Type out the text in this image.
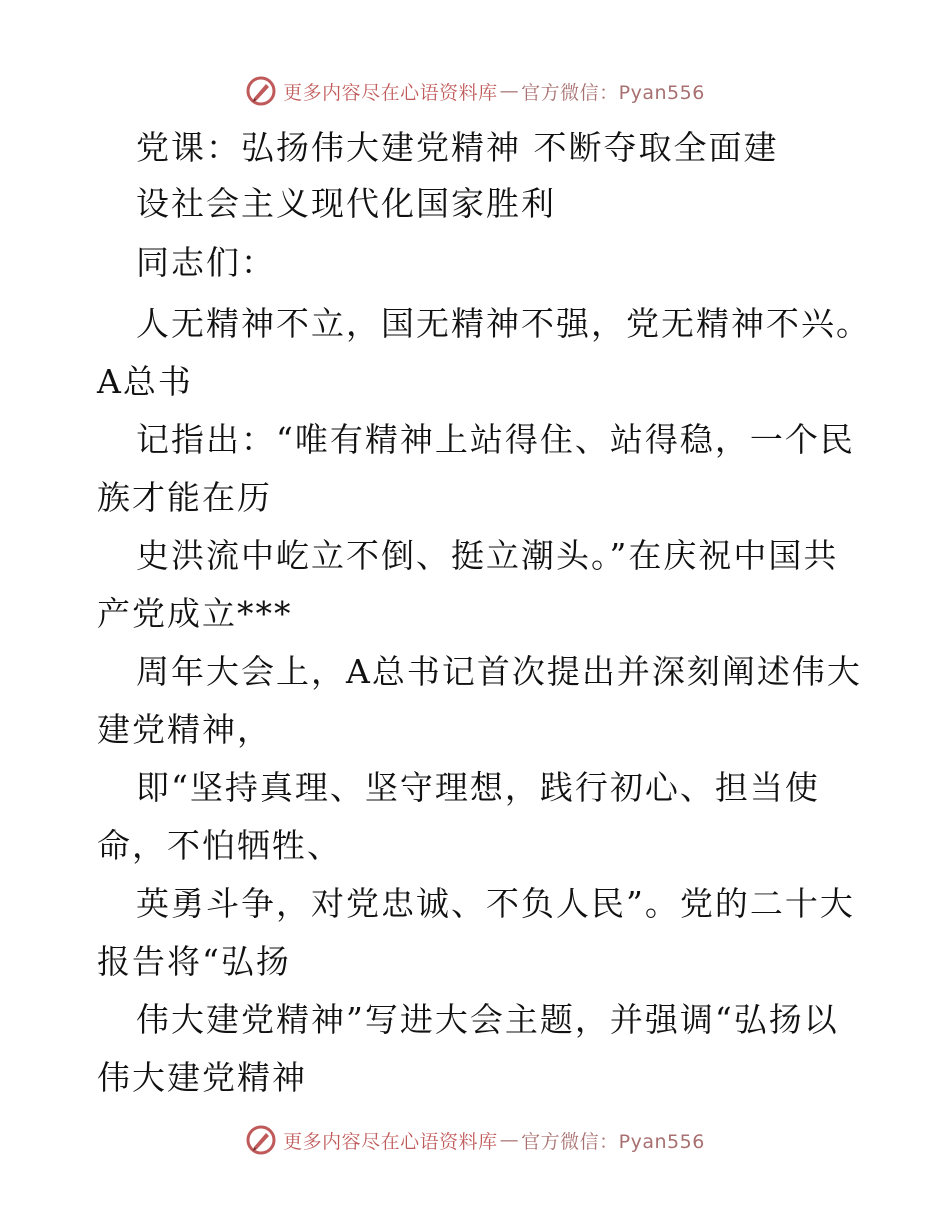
更多内容尽在心语资料库 — 官方微信：Pyan556
党课：弘扬伟大建党精神 不断夺取全面建
设社会主义现代化国家胜利
同志们：
人无精神不立，国无精神不强，党无精神不兴。
A总书
记指出：“唯有精神上站得住、站得稳，一个民
族才能在历
史洪流中屹立不倒、挺立潮头。”在庆祝中国共
产党成立***
周年大会上，A总书记首次提出并深刻阐述伟大
建党精神，
即“坚持真理、坚守理想，践行初心、担当使
命，不怕牺牲、
英勇斗争，对党忠诚、不负人民”。党的二十大
报告将“弘扬
伟大建党精神”写进大会主题，并强调“弘扬以
伟大建党精神
更多内容尽在心语资料库 — 官方微信：Pyan556
